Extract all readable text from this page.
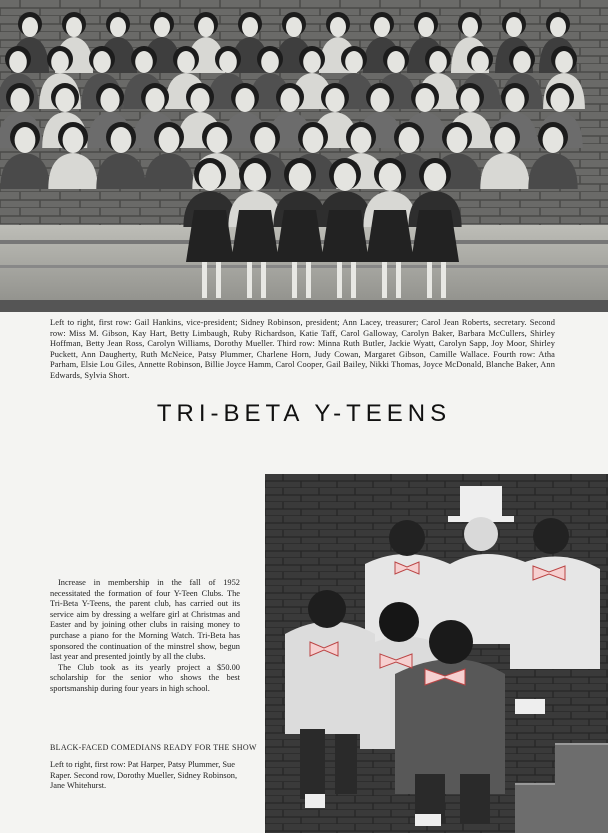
Left to right, first row: Gail Hankins, vice-president; Sidney Robinson, president; Ann Lacey, treasurer; Carol Jean Roberts, secretary. Second row: Miss M. Gibson, Kay Hart, Betty Limbaugh, Ruby Richardson, Katie Taff, Carol Galloway, Carolyn Baker, Barbara McCullers, Shirley Hoffman, Betty Jean Ross, Carolyn Williams, Dorothy Mueller. Third row: Minna Ruth Butler, Jackie Wyatt, Carolyn Sapp, Joy Moor, Shirley Puckett, Ann Daugherty, Ruth McNeice, Patsy Plummer, Charlene Horn, Judy Cowan, Margaret Gibson, Camille Wallace. Fourth row: Atha Parham, Elsie Lou Giles, Annette Robinson, Billie Joyce Hamm, Carol Cooper, Gail Bailey, Nikki Thomas, Joyce McDonald, Blanche Baker, Ann Edwards, Sylvia Short.
TRI-BETA Y-TEENS

Increase in membership in the fall of 1952 necessitated the formation of four Y-Teen Clubs. The Tri-Beta Y-Teens, the parent club, has carried out its service aim by dressing a welfare girl at Christmas and Easter and by joining other clubs in raising money to purchase a piano for the Morning Watch. Tri-Beta has sponsored the continuation of the minstrel show, begun last year and presented jointly by all the clubs.

The Club took as its yearly project a $50.00 scholarship for the senior who shows the best sportsmanship during four years in high school.

BLACK-FACED COMEDIANS READY FOR THE SHOW
Left to right, first row: Pat Harper, Patsy Plummer, Sue Raper. Second row, Dorothy Mueller, Sidney Robinson, Jane Whitehurst.
